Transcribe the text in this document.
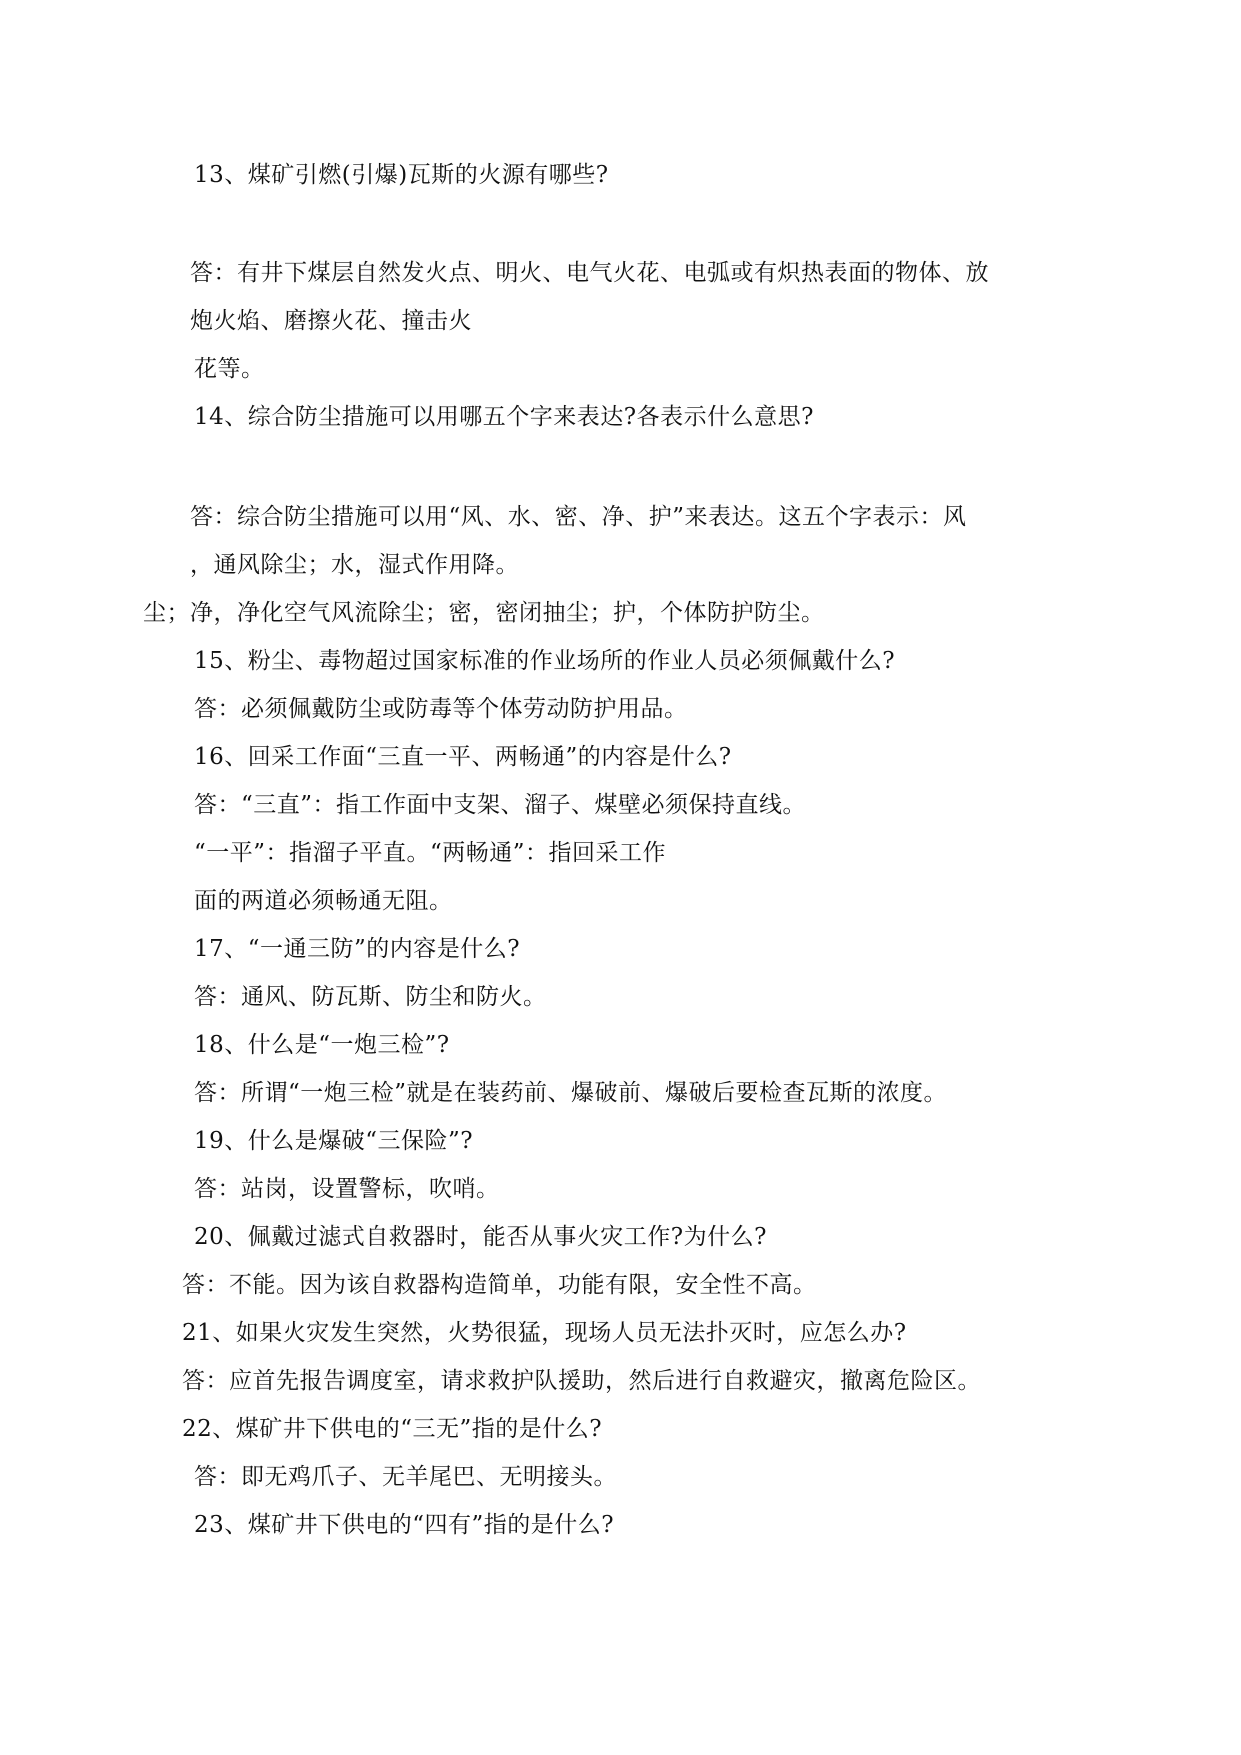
13、煤矿引燃(引爆)瓦斯的火源有哪些?
答：有井下煤层自然发火点、明火、电气火花、电弧或有炽热表面的物体、放
炮火焰、磨擦火花、撞击火
花等。
14、综合防尘措施可以用哪五个字来表达?各表示什么意思?
答：综合防尘措施可以用“风、水、密、净、护”来表达。这五个字表示：风
，通风除尘；水，湿式作用降。
尘；净，净化空气风流除尘；密，密闭抽尘；护，个体防护防尘。
15、粉尘、毒物超过国家标准的作业场所的作业人员必须佩戴什么?
答：必须佩戴防尘或防毒等个体劳动防护用品。
16、回采工作面“三直一平、两畅通”的内容是什么?
答：“三直”：指工作面中支架、溜子、煤壁必须保持直线。
“一平”：指溜子平直。“两畅通”：指回采工作
面的两道必须畅通无阻。
17、“一通三防”的内容是什么?
答：通风、防瓦斯、防尘和防火。
18、什么是“一炮三检”?
答：所谓“一炮三检”就是在装药前、爆破前、爆破后要检查瓦斯的浓度。
19、什么是爆破“三保险”?
答：站岗，设置警标，吹哨。
20、佩戴过滤式自救器时，能否从事火灾工作?为什么?
答：不能。因为该自救器构造简单，功能有限，安全性不高。
21、如果火灾发生突然，火势很猛，现场人员无法扑灭时，应怎么办?
答：应首先报告调度室，请求救护队援助，然后进行自救避灾，撤离危险区。
22、煤矿井下供电的“三无”指的是什么?
答：即无鸡爪子、无羊尾巴、无明接头。
23、煤矿井下供电的“四有”指的是什么?
